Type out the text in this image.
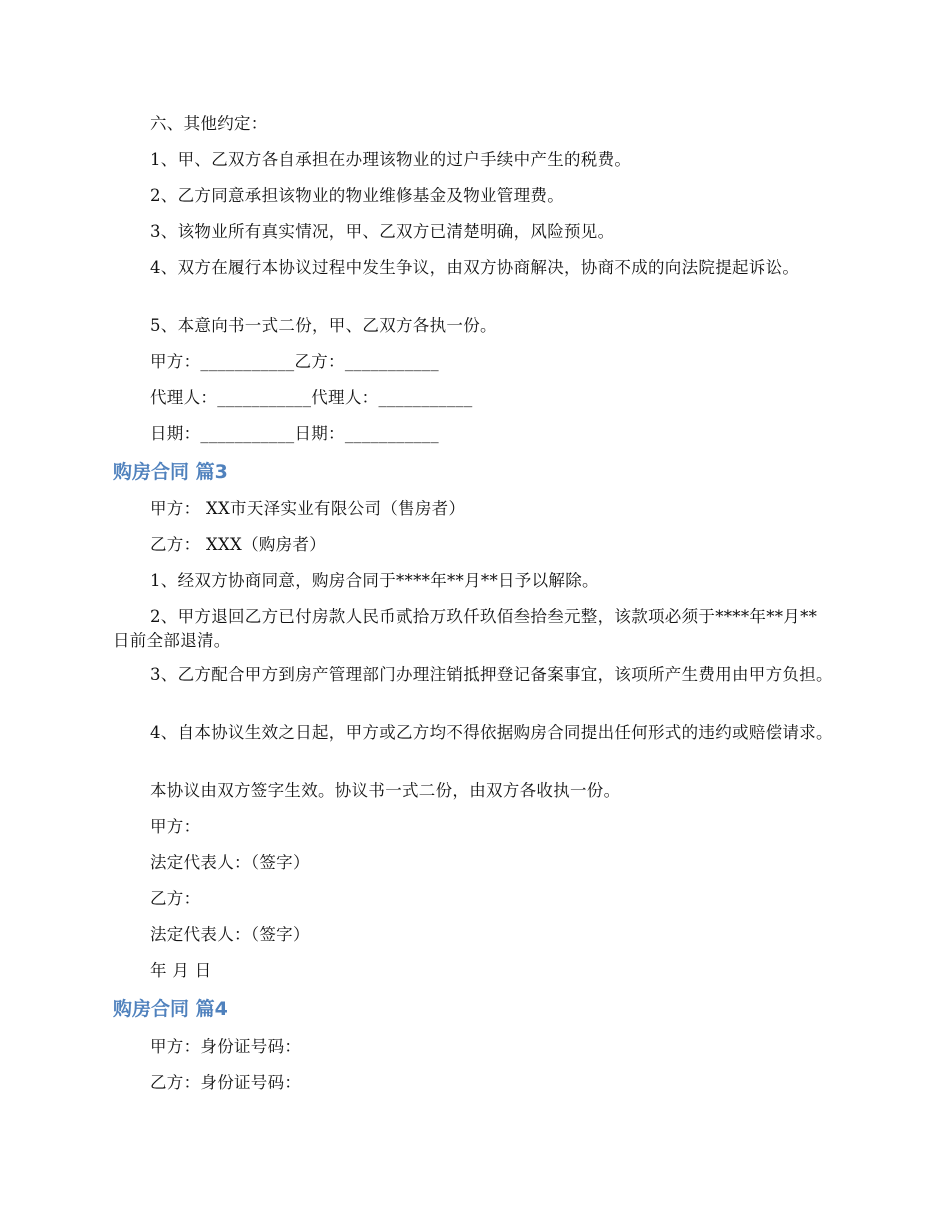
六、其他约定：
1、甲、乙双方各自承担在办理该物业的过户手续中产生的税费。
2、乙方同意承担该物业的物业维修基金及物业管理费。
3、该物业所有真实情况，甲、乙双方已清楚明确，风险预见。
4、双方在履行本协议过程中发生争议，由双方协商解决，协商不成的向法院提起诉讼。
5、本意向书一式二份，甲、乙双方各执一份。
甲方：___________乙方：___________
代理人：___________代理人：___________
日期：___________日期：___________
购房合同 篇3
甲方： XX市天泽实业有限公司（售房者）
乙方： XXX（购房者）
1、经双方协商同意，购房合同于****年**月**日予以解除。
2、甲方退回乙方已付房款人民币贰拾万玖仟玖佰叁拾叁元整，该款项必须于****年**月**日前全部退清。
3、乙方配合甲方到房产管理部门办理注销抵押登记备案事宜，该项所产生费用由甲方负担。
4、自本协议生效之日起，甲方或乙方均不得依据购房合同提出任何形式的违约或赔偿请求。
本协议由双方签字生效。协议书一式二份，由双方各收执一份。
甲方：
法定代表人：（签字）
乙方：
法定代表人：（签字）
年 月 日
购房合同 篇4
甲方：身份证号码：
乙方：身份证号码：
